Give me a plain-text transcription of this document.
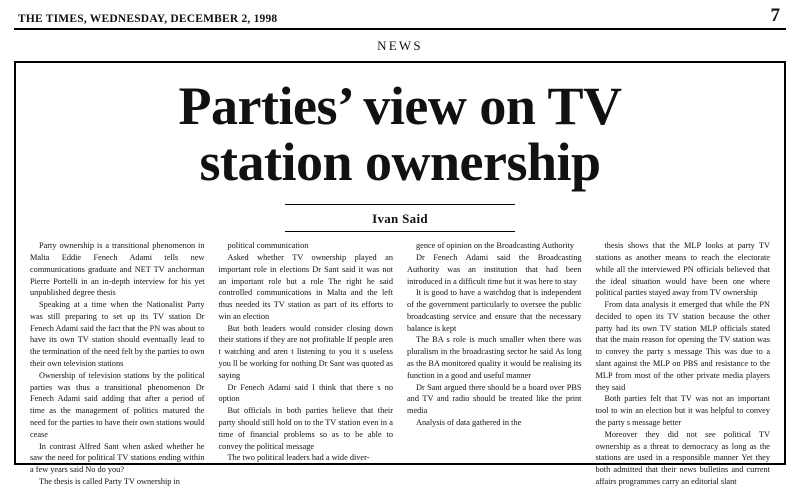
THE TIMES, WEDNESDAY, DECEMBER 2, 1998	7
NEWS
Parties’ view on TV
station ownership
Ivan Said

Party ownership is a transitional phenomenon in Malta Eddie Fenech Adami tells new communications graduate and NET TV anchorman Pierre Portelli in an in-depth interview for his yet unpublished degree thesis

Speaking at a time when the Nationalist Party was still preparing to set up its TV station Dr Fenech Adami said the fact that the PN was about to have its own TV station should eventually lead to the termination of the need felt by the parties to own their own television stations

Ownership of television stations by the political parties was thus a transitional phenomenon Dr Fenech Adami said adding that after a period of time as the management of politics matured the need for the parties to have their own stations would cease

In contrast Alfred Sant when asked whether he saw the need for political TV stations ending within a few years said No do you?

The thesis is called Party TV ownership in

political communication

Asked whether TV ownership played an important role in elections Dr Sant said it was not an important role but a role The right he said controlled communications in Malta and the left thus needed its TV station as part of its efforts to win an election

But both leaders would consider closing down their stations if they are not profitable If people aren t watching and aren t listening to you it s useless you ll be working for nothing Dr Sant was quoted as saying

Dr Fenech Adami said I think that there s no option

But officials in both parties believe that their party should still hold on to the TV station even in a time of financial problems so as to be able to convey the political message

The two political leaders had a wide diver-

gence of opinion on the Broadcasting Authority

Dr Fenech Adami said the Broadcasting Authority was an institution that had been introduced in a difficult time but it was here to stay

It is good to have a watchdog that is independent of the government particularly to oversee the public broadcasting service and ensure that the necessary balance is kept

The BA s role is much smaller when there was pluralism in the broadcasting sector he said As long as the BA monitored quality it would be realising its function in a good and useful manner

Dr Sant argued there should be a board over PBS and TV and radio should be treated like the print media

Analysis of data gathered in the

thesis shows that the MLP looks at party TV stations as another means to reach the electorate while all the interviewed PN officials believed that the ideal situation would have been one where political parties stayed away from TV ownership

From data analysis it emerged that while the PN decided to open its TV station because the other party had its own TV station MLP officials stated that the main reason for opening the TV station was to convey the party s message This was due to a slant against the MLP on PBS and resistance to the MLP from most of the other private media players they said

Both parties felt that TV was not an important tool to win an election but it was helpful to convey the party s message better

Moreover they did not see political TV ownership as a threat to democracy as long as the stations are used in a responsible manner Yet they both admitted that their news bulletins and current affairs programmes carry an editorial slant
